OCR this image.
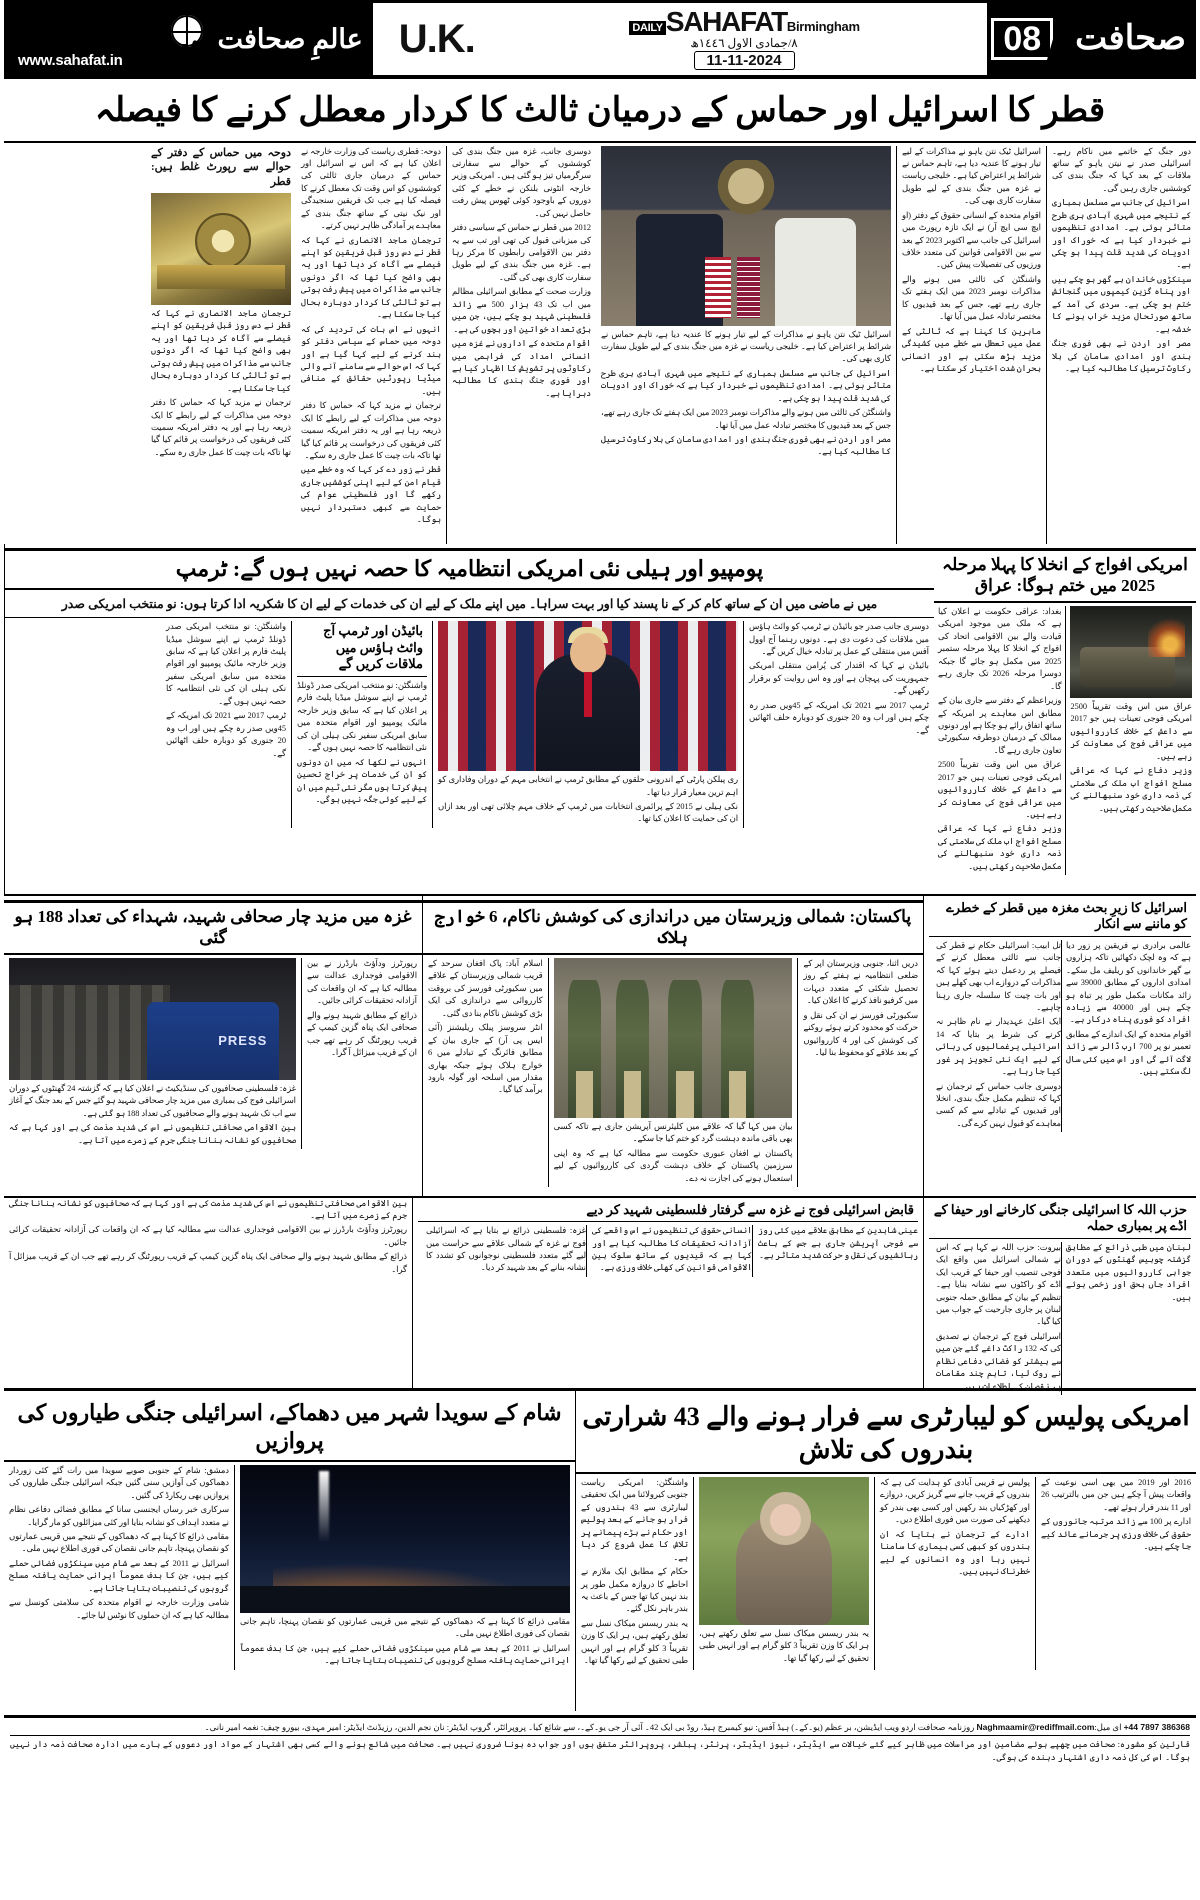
عالمِ صحافت
www.sahafat.in	U.K.	DAILY SAHAFAT Birmingham
٨/جمادی الاول ١٤٤٦ھ
11-11-2024
صحافت
08
قطر کا اسرائیل اور حماس کے درمیان ثالث کا کردار معطل کرنے کا فیصلہ

دور جنگ کے خاتمے میں ناکام رہے۔ اسرائیلی صدر نے نیتن یاہو کے ساتھ ملاقات کے بعد کہا کہ جنگ بندی کی کوششیں جاری رہیں گی۔

اسرائیل کی جانب سے مسلسل بمباری کے نتیجے میں شہری آبادی بری طرح متاثر ہوئی ہے۔ امدادی تنظیموں نے خبردار کیا ہے کہ خوراک اور ادویات کی شدید قلت پیدا ہو چکی ہے۔

سینکڑوں خاندان بے گھر ہو چکے ہیں اور پناہ گزین کیمپوں میں گنجائش ختم ہو چکی ہے۔ سردی کی آمد کے ساتھ صورتحال مزید خراب ہونے کا خدشہ ہے۔

مصر اور اردن نے بھی فوری جنگ بندی اور امدادی سامان کی بلا رکاوٹ ترسیل کا مطالبہ کیا ہے۔

اسرائیل ٹیک نتن یاہو نے مذاکرات کے لیے تیار ہونے کا عندیہ دیا ہے، تاہم حماس نے شرائط پر اعتراض کیا ہے۔ خلیجی ریاست نے غزہ میں جنگ بندی کے لیے طویل سفارت کاری بھی کی۔

اقوام متحدہ کے انسانی حقوق کے دفتر (او ایچ سی ایچ آر) نے ایک تازہ رپورٹ میں اسرائیل کی جانب سے اکتوبر 2023 کے بعد سے بین الاقوامی قوانین کی متعدد خلاف ورزیوں کی تفصیلات پیش کیں۔

واشنگٹن کی ثالثی میں ہونے والے مذاکرات نومبر 2023 میں ایک ہفتے تک جاری رہے تھے، جس کے بعد قیدیوں کا مختصر تبادلہ عمل میں آیا تھا۔

ماہرین کا کہنا ہے کہ ثالثی کے عمل میں تعطل سے خطے میں کشیدگی مزید بڑھ سکتی ہے اور انسانی بحران شدت اختیار کر سکتا ہے۔

اسرائیل ٹیک نتن یاہو نے مذاکرات کے لیے تیار ہونے کا عندیہ دیا ہے، تاہم حماس نے شرائط پر اعتراض کیا ہے۔ خلیجی ریاست نے غزہ میں جنگ بندی کے لیے طویل سفارت کاری بھی کی۔

اسرائیل کی جانب سے مسلسل بمباری کے نتیجے میں شہری آبادی بری طرح متاثر ہوئی ہے۔ امدادی تنظیموں نے خبردار کیا ہے کہ خوراک اور ادویات کی شدید قلت پیدا ہو چکی ہے۔

واشنگٹن کی ثالثی میں ہونے والے مذاکرات نومبر 2023 میں ایک ہفتے تک جاری رہے تھے، جس کے بعد قیدیوں کا مختصر تبادلہ عمل میں آیا تھا۔

مصر اور اردن نے بھی فوری جنگ بندی اور امدادی سامان کی بلا رکاوٹ ترسیل کا مطالبہ کیا ہے۔

دوسری جانب، غزہ میں جنگ بندی کی کوششوں کے حوالے سے سفارتی سرگرمیاں تیز ہو گئی ہیں۔ امریکی وزیر خارجہ انٹونی بلنکن نے خطے کے کئی دوروں کے باوجود کوئی ٹھوس پیش رفت حاصل نہیں کی۔

2012 میں قطر نے حماس کے سیاسی دفتر کی میزبانی قبول کی تھی اور تب سے یہ دفتر بین الاقوامی رابطوں کا مرکز رہا ہے۔ غزہ میں جنگ بندی کے لیے طویل سفارت کاری بھی کی گئی۔

وزارت صحت کے مطابق اسرائیلی مظالم میں اب تک 43 ہزار 500 سے زائد فلسطینی شہید ہو چکے ہیں، جن میں بڑی تعداد خواتین اور بچوں کی ہے۔

اقوام متحدہ کے اداروں نے غزہ میں انسانی امداد کی فراہمی میں رکاوٹوں پر تشویش کا اظہار کیا ہے اور فوری جنگ بندی کا مطالبہ دہرایا ہے۔

دوحہ: قطری ریاست کی وزارت خارجہ نے اعلان کیا ہے کہ اس نے اسرائیل اور حماس کے درمیان جاری ثالثی کی کوششوں کو اس وقت تک معطل کرنے کا فیصلہ کیا ہے جب تک فریقین سنجیدگی اور نیک نیتی کے ساتھ جنگ بندی کے معاہدے پر آمادگی ظاہر نہیں کرتے۔

ترجمان ماجد الانصاری نے کہا کہ قطر نے دس روز قبل فریقین کو اپنے فیصلے سے آگاہ کر دیا تھا اور یہ بھی واضح کیا تھا کہ اگر دونوں جانب سے مذاکرات میں پیش رفت ہوتی ہے تو ثالثی کا کردار دوبارہ بحال کیا جا سکتا ہے۔

انہوں نے اس بات کی تردید کی کہ دوحہ میں حماس کے سیاسی دفتر کو بند کرنے کے لیے کہا گیا ہے اور کہا کہ اس حوالے سے سامنے آنے والی میڈیا رپورٹیں حقائق کے منافی ہیں۔

ترجمان نے مزید کہا کہ حماس کا دفتر دوحہ میں مذاکرات کے لیے رابطے کا ایک ذریعہ رہا ہے اور یہ دفتر امریکہ سمیت کئی فریقوں کی درخواست پر قائم کیا گیا تھا تاکہ بات چیت کا عمل جاری رہ سکے۔

قطر نے زور دے کر کہا کہ وہ خطے میں قیام امن کے لیے اپنی کوششیں جاری رکھے گا اور فلسطینی عوام کی حمایت سے کبھی دستبردار نہیں ہوگا۔

دوحہ میں حماس کے دفتر کے حوالے سے رپورٹ غلط ہیں: قطر

ترجمان ماجد الانصاری نے کہا کہ قطر نے دس روز قبل فریقین کو اپنے فیصلے سے آگاہ کر دیا تھا اور یہ بھی واضح کیا تھا کہ اگر دونوں جانب سے مذاکرات میں پیش رفت ہوتی ہے تو ثالثی کا کردار دوبارہ بحال کیا جا سکتا ہے۔

ترجمان نے مزید کہا کہ حماس کا دفتر دوحہ میں مذاکرات کے لیے رابطے کا ایک ذریعہ رہا ہے اور یہ دفتر امریکہ سمیت کئی فریقوں کی درخواست پر قائم کیا گیا تھا تاکہ بات چیت کا عمل جاری رہ سکے۔

امریکی افواج کے انخلا کا پہلا مرحلہ 2025 میں ختم ہوگا: عراق

عراق میں اس وقت تقریباً 2500 امریکی فوجی تعینات ہیں جو 2017 سے داعش کے خلاف کارروائیوں میں عراقی فوج کی معاونت کر رہے ہیں۔

وزیر دفاع نے کہا کہ عراقی مسلح افواج اب ملک کی سلامتی کی ذمہ داری خود سنبھالنے کی مکمل صلاحیت رکھتی ہیں۔

بغداد: عراقی حکومت نے اعلان کیا ہے کہ ملک میں موجود امریکی قیادت والے بین الاقوامی اتحاد کی افواج کے انخلا کا پہلا مرحلہ ستمبر 2025 میں مکمل ہو جائے گا جبکہ دوسرا مرحلہ 2026 تک جاری رہے گا۔

وزیراعظم کے دفتر سے جاری بیان کے مطابق اس معاہدے پر امریکہ کے ساتھ اتفاق رائے ہو چکا ہے اور دونوں ممالک کے درمیان دوطرفہ سکیورٹی تعاون جاری رہے گا۔

عراق میں اس وقت تقریباً 2500 امریکی فوجی تعینات ہیں جو 2017 سے داعش کے خلاف کارروائیوں میں عراقی فوج کی معاونت کر رہے ہیں۔

وزیر دفاع نے کہا کہ عراقی مسلح افواج اب ملک کی سلامتی کی ذمہ داری خود سنبھالنے کی مکمل صلاحیت رکھتی ہیں۔

پومپیو اور ہیلی نئی امریکی انتظامیہ کا حصہ نہیں ہوں گے: ٹرمپ
میں نے ماضی میں ان کے ساتھ کام کر کے نا پسند کیا اور بہت سراہا۔ میں اپنے ملک کے لیے ان کی خدمات کے لیے ان کا شکریہ ادا کرتا ہوں: نو منتخب امریکی صدر

دوسری جانب صدر جو بائیڈن نے ٹرمپ کو وائٹ ہاؤس میں ملاقات کی دعوت دی ہے۔ دونوں رہنما آج اوول آفس میں منتقلی کے عمل پر تبادلہ خیال کریں گے۔

بائیڈن نے کہا کہ اقتدار کی پُرامن منتقلی امریکی جمہوریت کی پہچان ہے اور وہ اس روایت کو برقرار رکھیں گے۔

ٹرمپ 2017 سے 2021 تک امریکہ کے 45ویں صدر رہ چکے ہیں اور اب وہ 20 جنوری کو دوبارہ حلف اٹھائیں گے۔

ری پبلکن پارٹی کے اندرونی حلقوں کے مطابق ٹرمپ نے انتخابی مہم کے دوران وفاداری کو اہم ترین معیار قرار دیا تھا۔

نکی ہیلی نے 2015 کے پرائمری انتخابات میں ٹرمپ کے خلاف مہم چلائی تھی اور بعد ازاں ان کی حمایت کا اعلان کیا تھا۔

بائیڈن اور ٹرمپ آج وائٹ ہاؤس میں ملاقات کریں گے

واشنگٹن: نو منتخب امریکی صدر ڈونلڈ ٹرمپ نے اپنے سوشل میڈیا پلیٹ فارم پر اعلان کیا ہے کہ سابق وزیر خارجہ مائیک پومپیو اور اقوام متحدہ میں سابق امریکی سفیر نکی ہیلی ان کی نئی انتظامیہ کا حصہ نہیں ہوں گے۔

انہوں نے لکھا کہ میں ان دونوں کو ان کی خدمات پر خراج تحسین پیش کرتا ہوں مگر نئی ٹیم میں ان کے لیے کوئی جگہ نہیں ہوگی۔

واشنگٹن: نو منتخب امریکی صدر ڈونلڈ ٹرمپ نے اپنے سوشل میڈیا پلیٹ فارم پر اعلان کیا ہے کہ سابق وزیر خارجہ مائیک پومپیو اور اقوام متحدہ میں سابق امریکی سفیر نکی ہیلی ان کی نئی انتظامیہ کا حصہ نہیں ہوں گے۔

ٹرمپ 2017 سے 2021 تک امریکہ کے 45ویں صدر رہ چکے ہیں اور اب وہ 20 جنوری کو دوبارہ حلف اٹھائیں گے۔

اسرائیل کا زیرِ بحث مغزہ میں قطر کے خطرے کو ماننے سے انکار

عالمی برادری نے فریقین پر زور دیا ہے کہ وہ لچک دکھائیں تاکہ ہزاروں بے گھر خاندانوں کو ریلیف مل سکے۔ امدادی اداروں کے مطابق 39000 سے زائد مکانات مکمل طور پر تباہ ہو چکے ہیں اور 40000 سے زیادہ افراد کو فوری پناہ درکار ہے۔

اقوام متحدہ کے ایک اندازے کے مطابق تعمیر نو پر 700 ارب ڈالر سے زائد لاگت آئے گی اور اس میں کئی سال لگ سکتے ہیں۔

تل ابیب: اسرائیلی حکام نے قطر کی جانب سے ثالثی معطل کرنے کے فیصلے پر ردعمل دیتے ہوئے کہا کہ مذاکرات کے دروازے اب بھی کھلے ہیں اور بات چیت کا سلسلہ جاری رہنا چاہیے۔

ایک اعلیٰ عہدیدار نے نام ظاہر نہ کرنے کی شرط پر بتایا کہ 14 اسرائیلی یرغمالیوں کی رہائی کے لیے ایک نئی تجویز پر غور کیا جا رہا ہے۔

دوسری جانب حماس کے ترجمان نے کہا کہ تنظیم مکمل جنگ بندی، انخلا اور قیدیوں کے تبادلے سے کم کسی معاہدے کو قبول نہیں کرے گی۔

پاکستان: شمالی وزیرستان میں دراندازی کی کوشش ناکام، 6 خوارج ہلاک

دریں اثنا، جنوبی وزیرستان اپر کے ضلعی انتظامیہ نے ہفتے کے روز تحصیل شکئی کے متعدد دیہات میں کرفیو نافذ کرنے کا اعلان کیا۔

سکیورٹی فورسز نے ان کی نقل و حرکت کو محدود کرتے ہوئے روکنے کی کوشش کی اور 4 کارروائیوں کے بعد علاقے کو محفوظ بنا لیا۔

بیان میں کہا گیا کہ علاقے میں کلیئرنس آپریشن جاری ہے تاکہ کسی بھی باقی ماندہ دہشت گرد کو ختم کیا جا سکے۔

پاکستان نے افغان عبوری حکومت سے مطالبہ کیا ہے کہ وہ اپنی سرزمین پاکستان کے خلاف دہشت گردی کی کارروائیوں کے لیے استعمال ہونے کی اجازت نہ دے۔

اسلام آباد: پاک افغان سرحد کے قریب شمالی وزیرستان کے علاقے میں سکیورٹی فورسز کی بروقت کارروائی سے دراندازی کی ایک بڑی کوشش ناکام بنا دی گئی۔

انٹر سروسز پبلک ریلیشنز (آئی ایس پی آر) کے جاری بیان کے مطابق فائرنگ کے تبادلے میں 6 خوارج ہلاک ہوئے جبکہ بھاری مقدار میں اسلحہ اور گولہ بارود برآمد کیا گیا۔

غزہ میں مزید چار صحافی شہید، شہداء کی تعداد 188 ہو گئی

رپورٹرز ودآؤٹ بارڈرز نے بین الاقوامی فوجداری عدالت سے مطالبہ کیا ہے کہ ان واقعات کی آزادانہ تحقیقات کرائی جائیں۔

ذرائع کے مطابق شہید ہونے والے صحافی ایک پناہ گزین کیمپ کے قریب رپورٹنگ کر رہے تھے جب ان کے قریب میزائل آ گرا۔

PRESS

غزہ: فلسطینی صحافیوں کی سنڈیکیٹ نے اعلان کیا ہے کہ گزشتہ 24 گھنٹوں کے دوران اسرائیلی فوج کی بمباری میں مزید چار صحافی شہید ہو گئے جس کے بعد جنگ کے آغاز سے اب تک شہید ہونے والے صحافیوں کی تعداد 188 ہو گئی ہے۔

بین الاقوامی صحافتی تنظیموں نے اس کی شدید مذمت کی ہے اور کہا ہے کہ صحافیوں کو نشانہ بنانا جنگی جرم کے زمرے میں آتا ہے۔

حزب اللہ کا اسرائیلی جنگی کارخانے اور حیفا کے اڈے پر بمباری حملہ

لبنان میں طبی ذرائع کے مطابق گزشتہ چوبیس گھنٹوں کے دوران جوابی کارروائیوں میں متعدد افراد جاں بحق اور زخمی ہوئے ہیں۔

بیروت: حزب اللہ نے کہا ہے کہ اس نے شمالی اسرائیل میں واقع ایک فوجی تنصیب اور حیفا کے قریب ایک اڈے کو راکٹوں سے نشانہ بنایا ہے۔ تنظیم کے بیان کے مطابق حملہ جنوبی لبنان پر جاری جارحیت کے جواب میں کیا گیا۔

اسرائیلی فوج کے ترجمان نے تصدیق کی کہ 132 راکٹ داغے گئے جن میں سے بیشتر کو فضائی دفاعی نظام نے روک لیا، تاہم چند مقامات پر نقصان کی اطلاعات ہیں۔

قابض اسرائیلی فوج نے غزہ سے گرفتار فلسطینی شہید کر دیے

عینی شاہدین کے مطابق علاقے میں کئی روز سے فوجی آپریشن جاری ہے جس کے باعث رہائشیوں کی نقل و حرکت شدید متاثر ہے۔

انسانی حقوق کی تنظیموں نے اس واقعے کی آزادانہ تحقیقات کا مطالبہ کیا ہے اور کہا ہے کہ قیدیوں کے ساتھ سلوک بین الاقوامی قوانین کی کھلی خلاف ورزی ہے۔

غزہ: فلسطینی ذرائع نے بتایا ہے کہ اسرائیلی فوج نے غزہ کے شمالی علاقے سے حراست میں لیے گئے متعدد فلسطینی نوجوانوں کو تشدد کا نشانہ بنانے کے بعد شہید کر دیا۔

بین الاقوامی صحافتی تنظیموں نے اس کی شدید مذمت کی ہے اور کہا ہے کہ صحافیوں کو نشانہ بنانا جنگی جرم کے زمرے میں آتا ہے۔

رپورٹرز ودآؤٹ بارڈرز نے بین الاقوامی فوجداری عدالت سے مطالبہ کیا ہے کہ ان واقعات کی آزادانہ تحقیقات کرائی جائیں۔

ذرائع کے مطابق شہید ہونے والے صحافی ایک پناہ گزین کیمپ کے قریب رپورٹنگ کر رہے تھے جب ان کے قریب میزائل آ گرا۔

امریکی پولیس کو لیبارٹری سے فرار ہونے والے 43 شرارتی بندروں کی تلاش

2016 اور 2019 میں بھی اسی نوعیت کے واقعات پیش آ چکے ہیں جن میں بالترتیب 26 اور 11 بندر فرار ہوئے تھے۔

ادارے پر 100 سے زائد مرتبہ جانوروں کے حقوق کی خلاف ورزی پر جرمانے عائد کیے جا چکے ہیں۔

پولیس نے قریبی آبادی کو ہدایت کی ہے کہ بندروں کے قریب جانے سے گریز کریں، دروازے اور کھڑکیاں بند رکھیں اور کسی بھی بندر کو دیکھنے کی صورت میں فوری اطلاع دیں۔

ادارے کے ترجمان نے بتایا کہ ان بندروں کو کبھی کسی بیماری کا سامنا نہیں رہا اور وہ انسانوں کے لیے خطرناک نہیں ہیں۔

یہ بندر ریسس میکاک نسل سے تعلق رکھتے ہیں، ہر ایک کا وزن تقریباً 3 کلو گرام ہے اور انہیں طبی تحقیق کے لیے رکھا گیا تھا۔

واشنگٹن: امریکی ریاست جنوبی کیرولائنا میں ایک تحقیقی لیبارٹری سے 43 بندروں کے فرار ہو جانے کے بعد پولیس اور حکام نے بڑے پیمانے پر تلاش کا عمل شروع کر دیا ہے۔

حکام کے مطابق ایک ملازم نے احاطے کا دروازہ مکمل طور پر بند نہیں کیا تھا جس کے باعث یہ بندر باہر نکل گئے۔

یہ بندر ریسس میکاک نسل سے تعلق رکھتے ہیں، ہر ایک کا وزن تقریباً 3 کلو گرام ہے اور انہیں طبی تحقیق کے لیے رکھا گیا تھا۔

شام کے سویدا شہر میں دھماکے، اسرائیلی جنگی طیاروں کی پروازیں

مقامی ذرائع کا کہنا ہے کہ دھماکوں کے نتیجے میں قریبی عمارتوں کو نقصان پہنچا، تاہم جانی نقصان کی فوری اطلاع نہیں ملی۔

اسرائیل نے 2011 کے بعد سے شام میں سینکڑوں فضائی حملے کیے ہیں، جن کا ہدف عموماً ایرانی حمایت یافتہ مسلح گروہوں کی تنصیبات بتایا جاتا ہے۔

دمشق: شام کے جنوبی صوبے سویدا میں رات گئے کئی زوردار دھماکوں کی آوازیں سنی گئیں جبکہ اسرائیلی جنگی طیاروں کی پروازیں بھی ریکارڈ کی گئیں۔

سرکاری خبر رساں ایجنسی سانا کے مطابق فضائی دفاعی نظام نے متعدد اہداف کو نشانہ بنایا اور کئی میزائلوں کو مار گرایا۔

مقامی ذرائع کا کہنا ہے کہ دھماکوں کے نتیجے میں قریبی عمارتوں کو نقصان پہنچا، تاہم جانی نقصان کی فوری اطلاع نہیں ملی۔

اسرائیل نے 2011 کے بعد سے شام میں سینکڑوں فضائی حملے کیے ہیں، جن کا ہدف عموماً ایرانی حمایت یافتہ مسلح گروہوں کی تنصیبات بتایا جاتا ہے۔

شامی وزارت خارجہ نے اقوام متحدہ کی سلامتی کونسل سے مطالبہ کیا ہے کہ ان حملوں کا نوٹس لیا جائے۔

+44 7897 386368 ای میل:Naghmaamir@rediffmail.com روزنامہ صحافت اردو ویب ایڈیشن، بر عظم (یو۔کے۔) ہیڈ آفس: نیو کیمبرج ہیڈ، روڈ بی ایک 42۔ آئی آر جی یو۔کے۔، سے شائع کیا۔ پروپرائٹر، گروپ ایڈیٹر: نان نجم الدین، رزیڈنٹ ایڈیٹر: امیر مہدی، بیورو چیف: نغمہ امیر نانی۔
قارئین کو مشورہ: صحافت میں چھپے ہوئے مضامین اور مراسلات میں ظاہر کیے گئے خیالات سے ایڈیٹر، نیوز ایڈیٹر، پرنٹر، پبلشر، پروپرائٹر متفق ہوں اور جواب دہ ہونا ضروری نہیں ہے۔ صحافت میں شائع ہونے والے کسی بھی اشتہار کے مواد اور دعووں کے بارے میں ادارہ صحافت ذمہ دار نہیں ہوگا۔ اس کی کل ذمہ داری اشتہار دہندہ کی ہوگی۔
